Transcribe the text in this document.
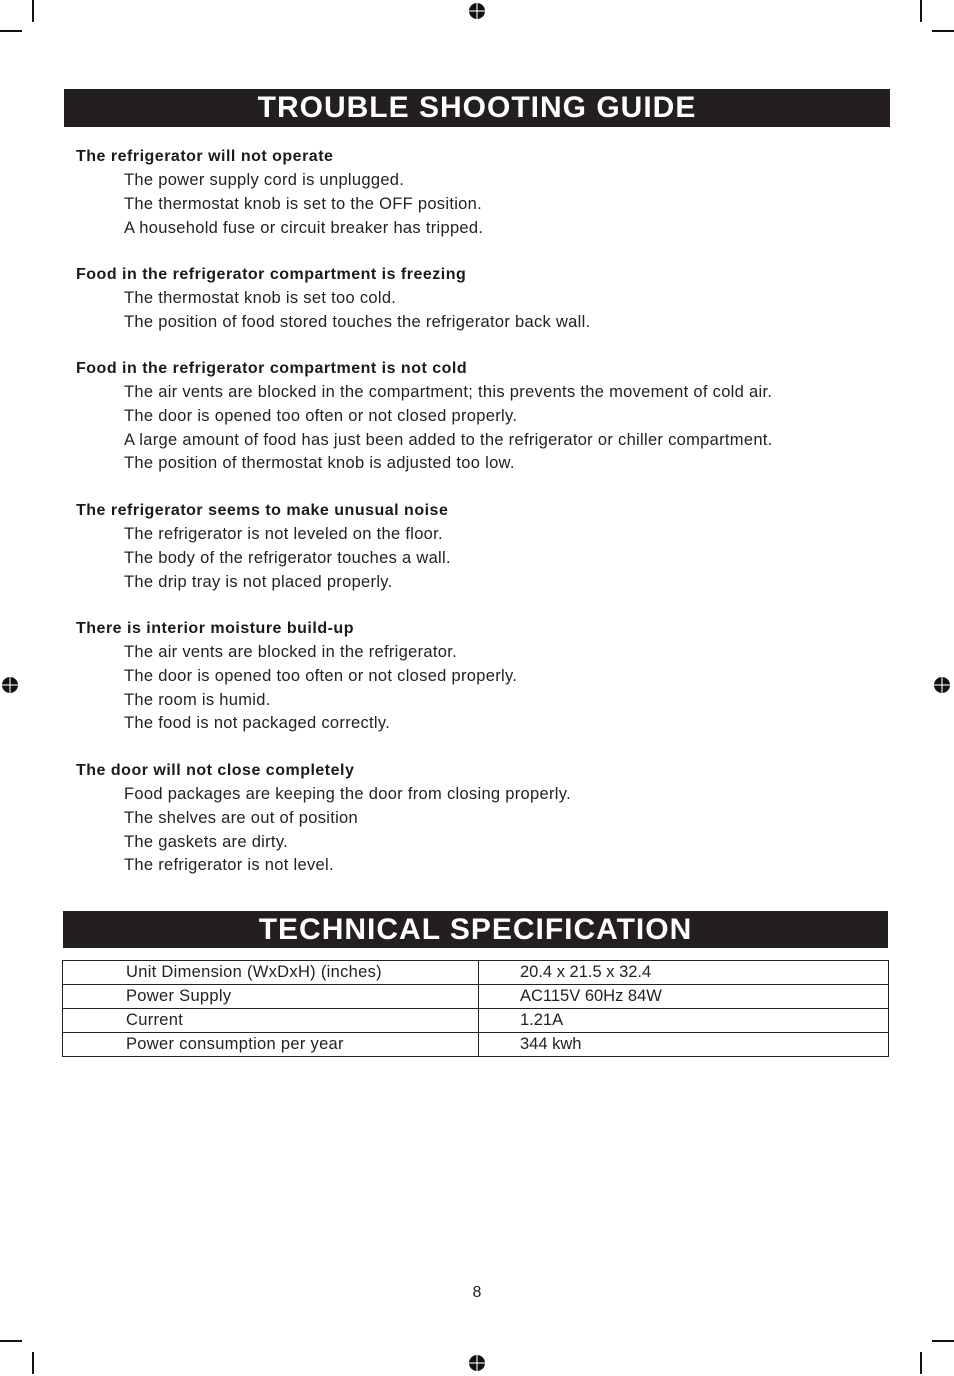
TROUBLE SHOOTING GUIDE
The refrigerator will not operate
The power supply cord is unplugged.
The thermostat knob is set to the OFF position.
A household fuse or circuit breaker has tripped.
Food in the refrigerator compartment is freezing
The thermostat knob is set too cold.
The position of food stored touches the refrigerator back wall.
Food in the refrigerator compartment is not cold
The air vents are blocked in the compartment; this prevents the movement of cold air.
The door is opened too often or not closed properly.
A large amount of food has just been added to the refrigerator or chiller compartment.
The position of thermostat knob is adjusted too low.
The refrigerator seems to make unusual noise
The refrigerator is not leveled on the floor.
The body of the refrigerator touches a wall.
The drip tray is not placed properly.
There is interior moisture build-up
The air vents are blocked in the refrigerator.
The door is opened too often or not closed properly.
The room is humid.
The food is not packaged correctly.
The door will not close completely
Food packages are keeping the door from closing properly.
The shelves are out of position
The gaskets are dirty.
The refrigerator is not level.
TECHNICAL SPECIFICATION
Unit Dimension (WxDxH) (inches)	20.4 x 21.5 x 32.4
Power Supply	AC115V 60Hz 84W
Current	1.21A
Power consumption per year	344 kwh
8
